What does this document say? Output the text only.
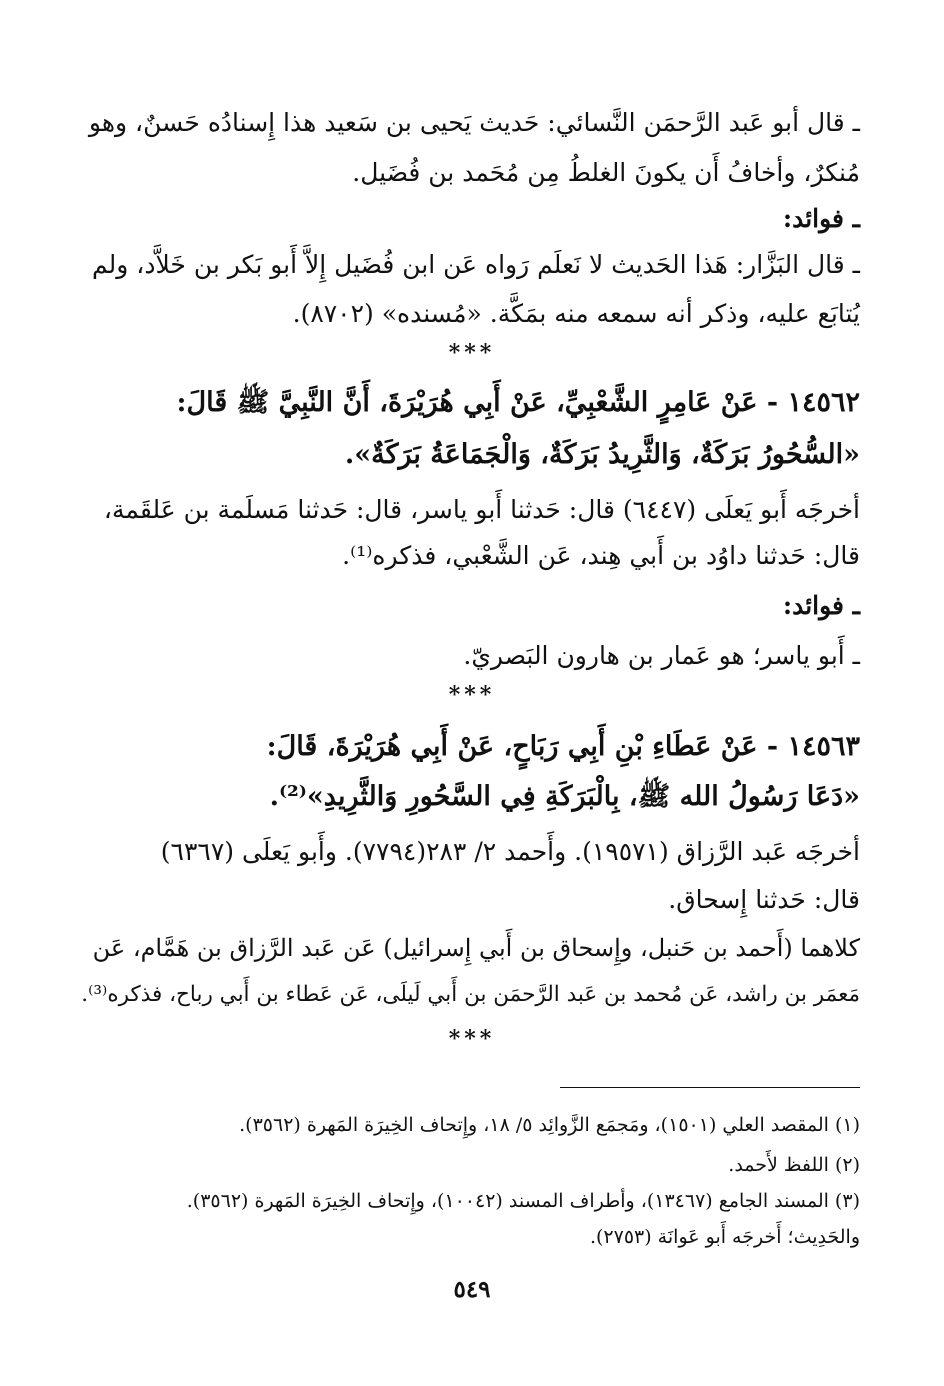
ـ قال أبو عَبد الرَّحمَن النَّسائي: حَديث يَحيى بن سَعيد هذا إِسنادُه حَسنٌ، وهو
مُنكرٌ، وأخافُ أَن يكونَ الغلطُ مِن مُحَمد بن فُضَيل.
ـ فوائد:
ـ قال البَزَّار: هَذا الحَديث لا نَعلَم رَواه عَن ابن فُضَيل إِلاَّ أَبو بَكر بن خَلاَّد، ولم
يُتابَع عليه، وذكر أنه سمعه منه بمَكَّة. «مُسنده» (٨٧٠٢).
***
١٤٥٦٢ - عَنْ عَامِرٍ الشَّعْبِيِّ، عَنْ أَبِي هُرَيْرَةَ، أَنَّ النَّبِيَّ ﷺ قَالَ:
«السُّحُورُ بَرَكَةٌ، وَالثَّرِيدُ بَرَكَةٌ، وَالْجَمَاعَةُ بَرَكَةٌ».
أخرجَه أَبو يَعلَى (٦٤٤٧) قال: حَدثنا أَبو ياسر، قال: حَدثنا مَسلَمة بن عَلقَمة،
قال: حَدثنا داوُد بن أَبي هِند، عَن الشَّعْبي، فذكره⁽¹⁾.
ـ فوائد:
ـ أَبو ياسر؛ هو عَمار بن هارون البَصريّ.
***
١٤٥٦٣ - عَنْ عَطَاءِ بْنِ أَبِي رَبَاحٍ، عَنْ أَبِي هُرَيْرَةَ، قَالَ:
«دَعَا رَسُولُ الله ﷺ، بِالْبَرَكَةِ فِي السَّحُورِ وَالثَّرِيدِ»⁽²⁾.
أخرجَه عَبد الرَّزاق (١٩٥٧١). وأَحمد ٢/ ٢٨٣(٧٧٩٤). وأَبو يَعلَى (٦٣٦٧)
قال: حَدثنا إِسحاق.
كلاهما (أَحمد بن حَنبل، وإِسحاق بن أَبي إِسرائيل) عَن عَبد الرَّزاق بن هَمَّام، عَن
مَعمَر بن راشد، عَن مُحمد بن عَبد الرَّحمَن بن أَبي لَيلَى، عَن عَطاء بن أَبي رباح، فذكره⁽³⁾.
***
(١) المقصد العلي (١٥٠١)، ومَجمَع الزَّوائِد ٥/ ١٨، وإِتحاف الخِيرَة المَهرة (٣٥٦٢).
(٢) اللفظ لأَحمد.
(٣) المسند الجامع (١٣٤٦٧)، وأطراف المسند (١٠٠٤٢)، وإِتحاف الخِيرَة المَهرة (٣٥٦٢).
والحَدِيث؛ أَخرجَه أَبو عَوانَة (٢٧٥٣).
٥٤٩
